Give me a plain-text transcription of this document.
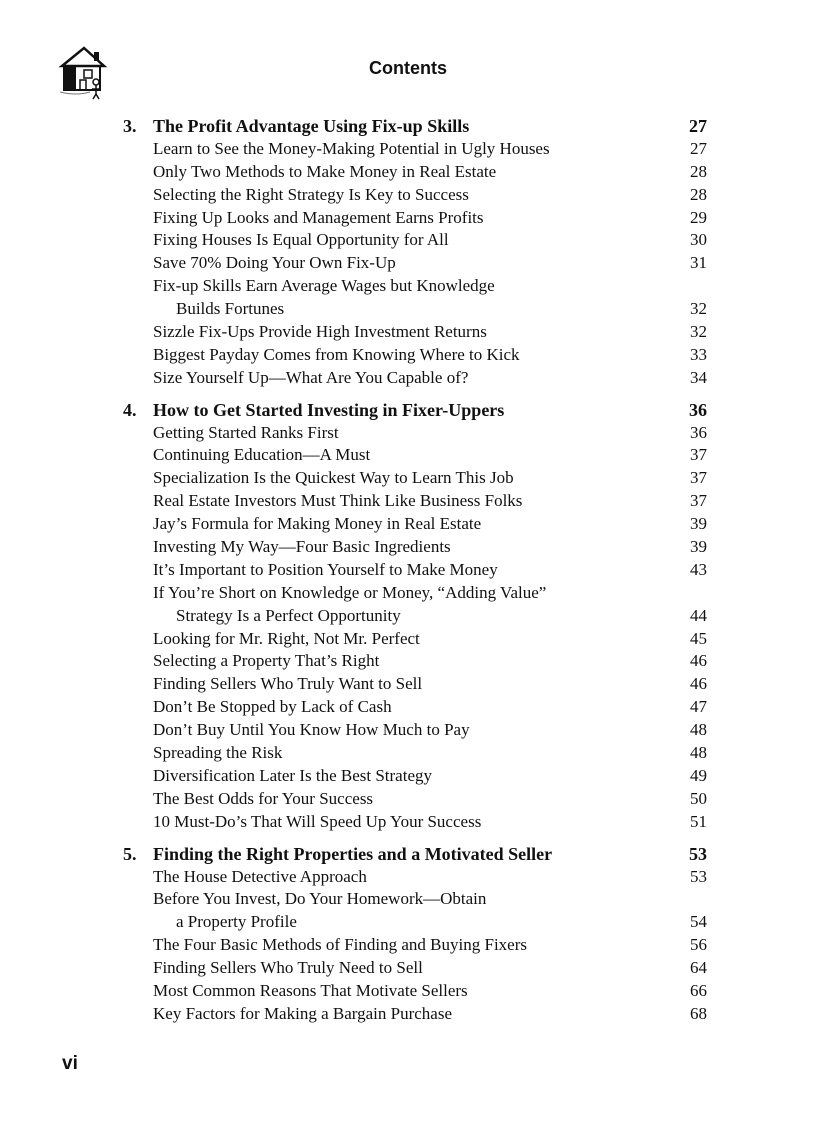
Contents
3. The Profit Advantage Using Fix-up Skills	27
Learn to See the Money-Making Potential in Ugly Houses	27
Only Two Methods to Make Money in Real Estate	28
Selecting the Right Strategy Is Key to Success	28
Fixing Up Looks and Management Earns Profits	29
Fixing Houses Is Equal Opportunity for All	30
Save 70% Doing Your Own Fix-Up	31
Fix-up Skills Earn Average Wages but Knowledge
Builds Fortunes	32
Sizzle Fix-Ups Provide High Investment Returns	32
Biggest Payday Comes from Knowing Where to Kick	33
Size Yourself Up—What Are You Capable of?	34
4. How to Get Started Investing in Fixer-Uppers	36
Getting Started Ranks First	36
Continuing Education—A Must	37
Specialization Is the Quickest Way to Learn This Job	37
Real Estate Investors Must Think Like Business Folks	37
Jay’s Formula for Making Money in Real Estate	39
Investing My Way—Four Basic Ingredients	39
It’s Important to Position Yourself to Make Money	43
If You’re Short on Knowledge or Money, “Adding Value”
Strategy Is a Perfect Opportunity	44
Looking for Mr. Right, Not Mr. Perfect	45
Selecting a Property That’s Right	46
Finding Sellers Who Truly Want to Sell	46
Don’t Be Stopped by Lack of Cash	47
Don’t Buy Until You Know How Much to Pay	48
Spreading the Risk	48
Diversification Later Is the Best Strategy	49
The Best Odds for Your Success	50
10 Must-Do’s That Will Speed Up Your Success	51
5. Finding the Right Properties and a Motivated Seller	53
The House Detective Approach	53
Before You Invest, Do Your Homework—Obtain
a Property Profile	54
The Four Basic Methods of Finding and Buying Fixers	56
Finding Sellers Who Truly Need to Sell	64
Most Common Reasons That Motivate Sellers	66
Key Factors for Making a Bargain Purchase	68
vi
